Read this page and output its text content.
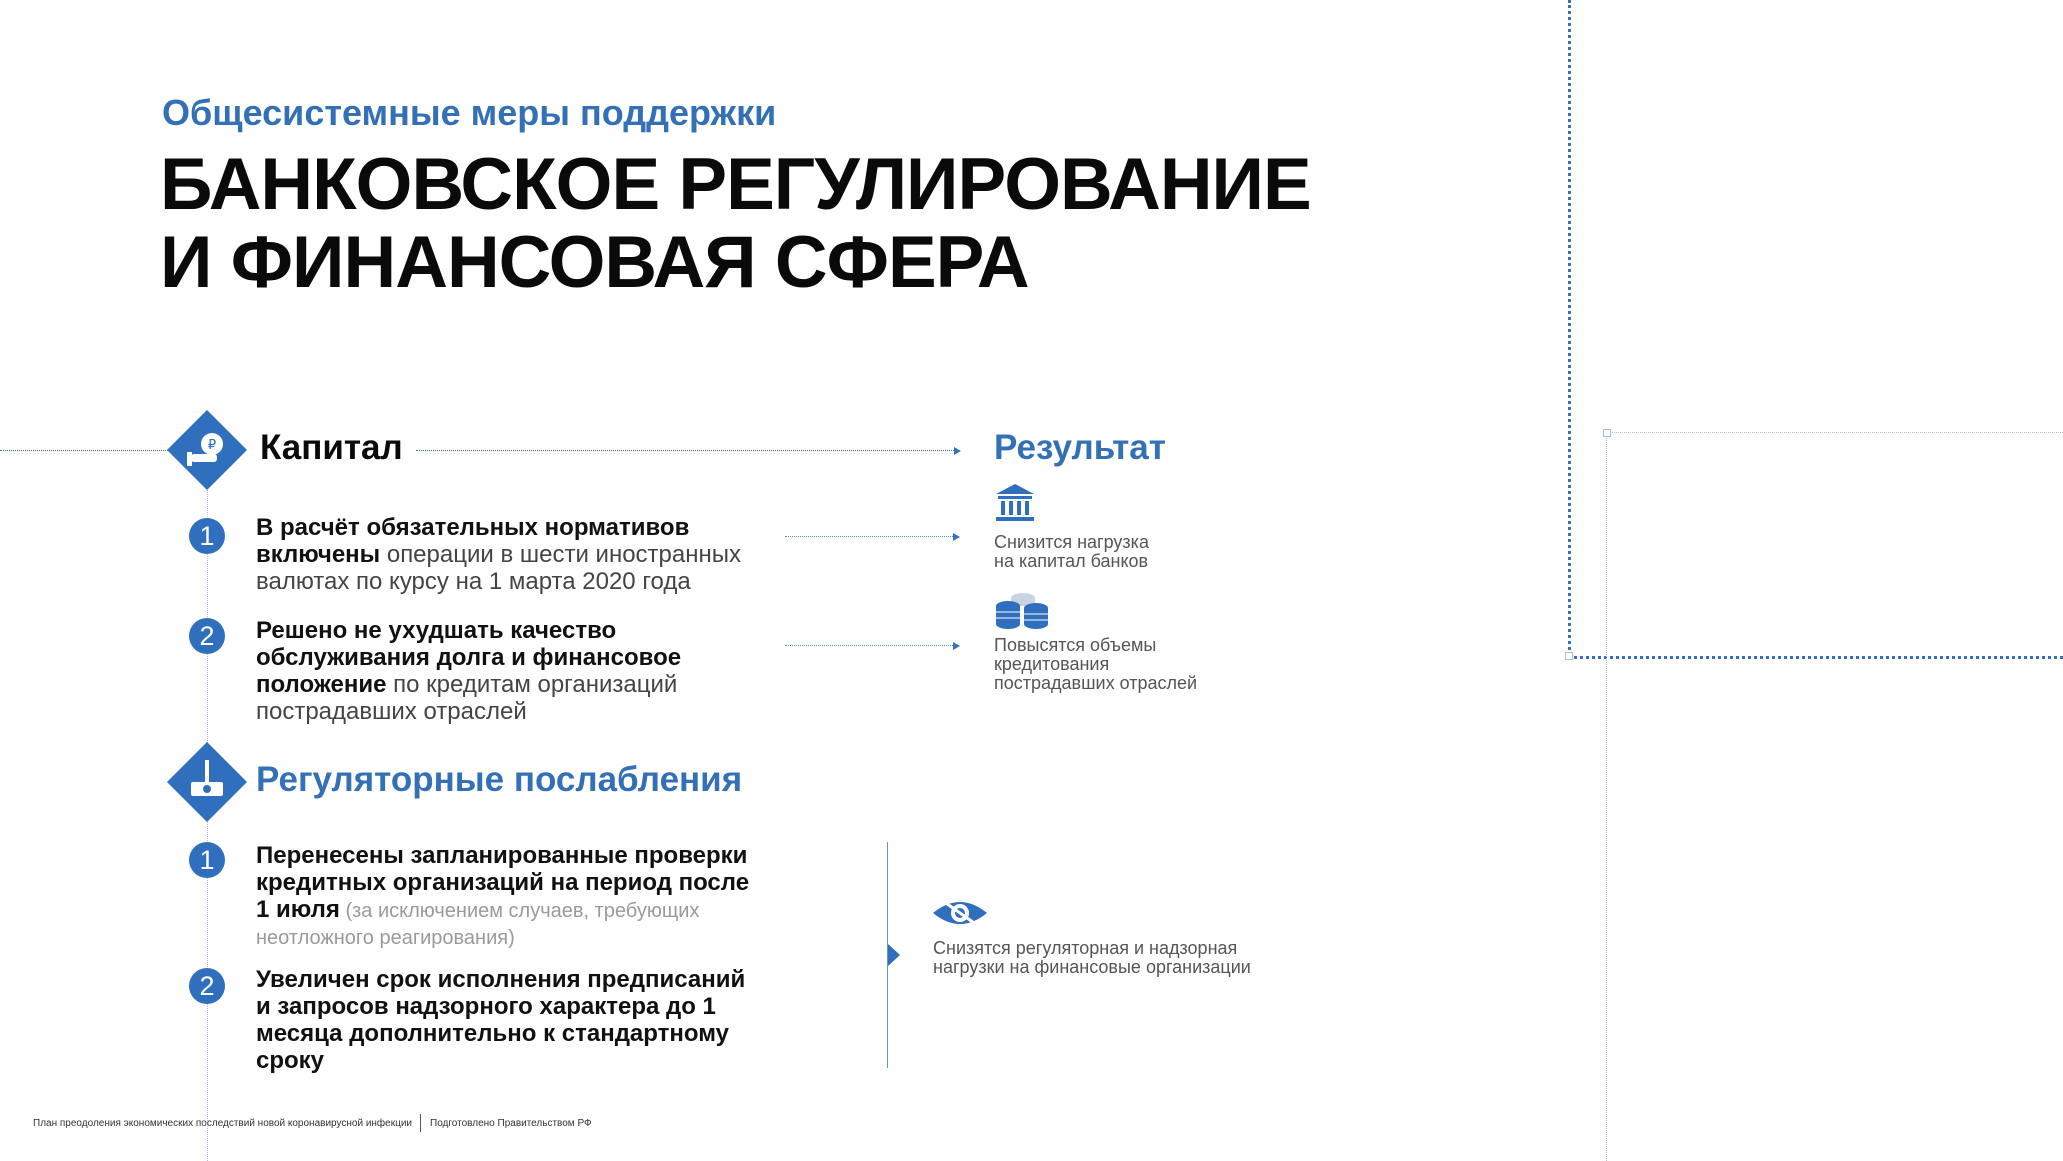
Общесистемные меры поддержки
БАНКОВСКОЕ РЕГУЛИРОВАНИЕ
И ФИНАНСОВАЯ СФЕРА
₽ Капитал
1	В расчёт обязательных нормативов включены операции в шести иностранных валютах по курсу на 1 марта 2020 года
2	Решено не ухудшать качество обслуживания долга и финансовое положение по кредитам организаций пострадавших отраслей
Регуляторные послабления
1	Перенесены запланированные проверки кредитных организаций на период после 1 июля (за исключением случаев, требующих неотложного реагирования)
2	Увеличен срок исполнения предписаний и запросов надзорного характера до 1 месяца дополнительно к стандартному сроку
Результат
Снизится нагрузка на капитал банков
Повысятся объемы кредитования пострадавших отраслей
Снизятся регуляторная и надзорная нагрузки на финансовые организации
План преодоления экономических последствий новой коронавирусной инфекции Подготовлено Правительством РФ
